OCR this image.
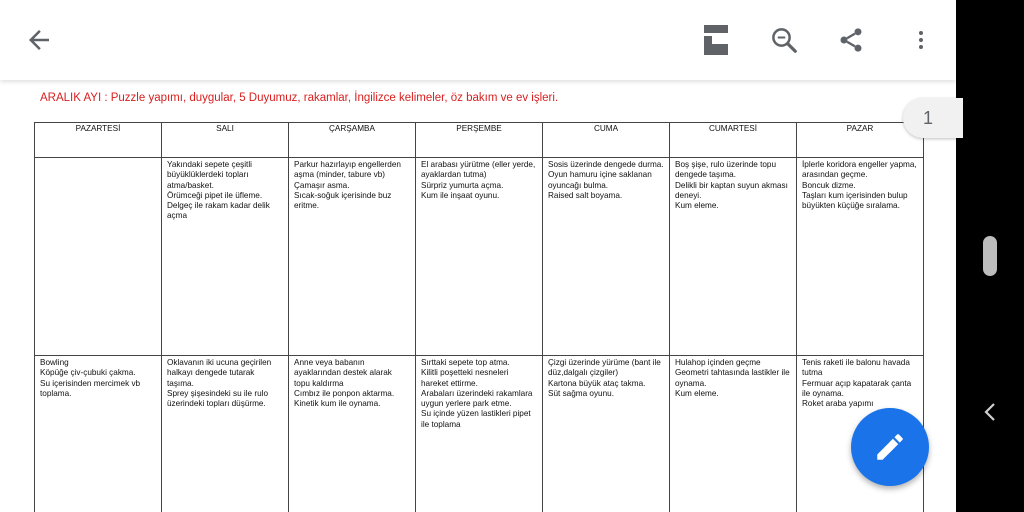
ARALIK AYI : Puzzle yapımı, duygular, 5 Duyumuz, rakamlar, İngilizce kelimeler, öz bakım ve ev işleri.
PAZARTESİ	SALI	ÇARŞAMBA	PERŞEMBE	CUMA	CUMARTESİ	PAZAR

	Yakındaki sepete çeşitli büyüklüklerdeki topları atma/basket.
Örümceği pipet ile üfleme.
Delgeç ile rakam kadar delik açma	Parkur hazırlayıp engellerden aşma (minder, tabure vb)
Çamaşır asma.
Sıcak-soğuk içerisinde buz eritme.	El arabası yürütme (eller yerde, ayaklardan tutma)
Sürpriz yumurta açma.
Kum ile inşaat oyunu.	Sosis üzerinde dengede durma.
Oyun hamuru içine saklanan oyuncağı bulma.
Raised salt boyama.	Boş şişe, rulo üzerinde topu dengede taşıma.
Delikli bir kaptan suyun akması deneyi.
Kum eleme.	İplerle koridora engeller yapma, arasından geçme.
Boncuk dizme.
Taşları kum içerisinden bulup büyükten küçüğe sıralama.

Bowling
Köpüğe çiv-çubuki çakma.
Su içerisinden mercimek vb toplama.	Oklavanın iki ucuna geçirilen halkayı dengede tutarak taşıma.
Sprey şişesindeki su ile rulo üzerindeki topları düşürme.	Anne veya babanın ayaklarından destek alarak topu kaldırma
Cımbız ile ponpon aktarma.
Kinetik kum ile oynama.	Sırttaki sepete top atma.
Kilitli poşetteki nesneleri hareket ettirme.
Arabaları üzerindeki rakamlara uygun yerlere park etme.
Su içinde yüzen lastikleri pipet ile toplama	Çizgi üzerinde yürüme (bant ile düz,dalgalı çizgiler)
Kartona büyük ataç takma.
Süt sağma oyunu.	Hulahop içinden geçme
Geometri tahtasında lastikler ile oynama.
Kum eleme.	Tenis raketi ile balonu havada tutma
Fermuar açıp kapatarak çanta ile oynama.
Roket araba yapımı
1
